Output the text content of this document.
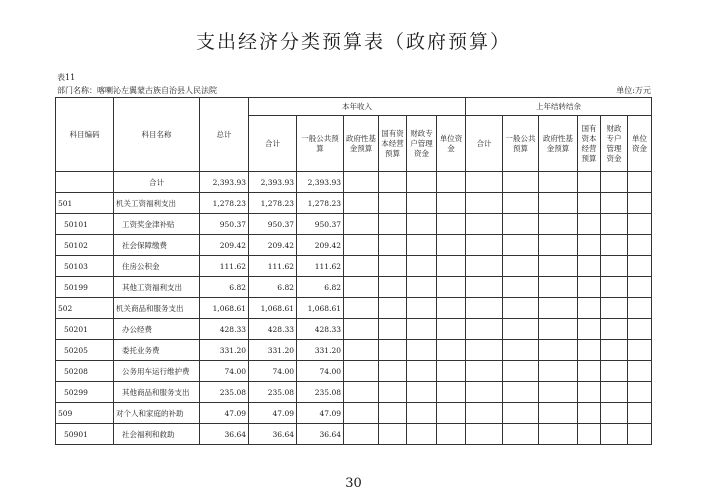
支出经济分类预算表（政府预算）
表11
部门名称：喀喇沁左翼蒙古族自治县人民法院	单位:万元
科目编码	科目名称	总计	本年收入						上年结转结余					
			合计	一般公共预算	政府性基金预算	国有资本经营预算	财政专户管理资金	单位资金	合计	一般公共预算	政府性基金预算	国有资本经营预算	财政专户管理资金	单位资金
	合计	2,393.93	2,393.93	2,393.93										
501	机关工资福利支出	1,278.23	1,278.23	1,278.23										
50101	工资奖金津补贴	950.37	950.37	950.37										
50102	社会保障缴费	209.42	209.42	209.42										
50103	住房公积金	111.62	111.62	111.62										
50199	其他工资福利支出	6.82	6.82	6.82										
502	机关商品和服务支出	1,068.61	1,068.61	1,068.61										
50201	办公经费	428.33	428.33	428.33										
50205	委托业务费	331.20	331.20	331.20										
50208	公务用车运行维护费	74.00	74.00	74.00										
50299	其他商品和服务支出	235.08	235.08	235.08										
509	对个人和家庭的补助	47.09	47.09	47.09										
50901	社会福利和救助	36.64	36.64	36.64										
30
